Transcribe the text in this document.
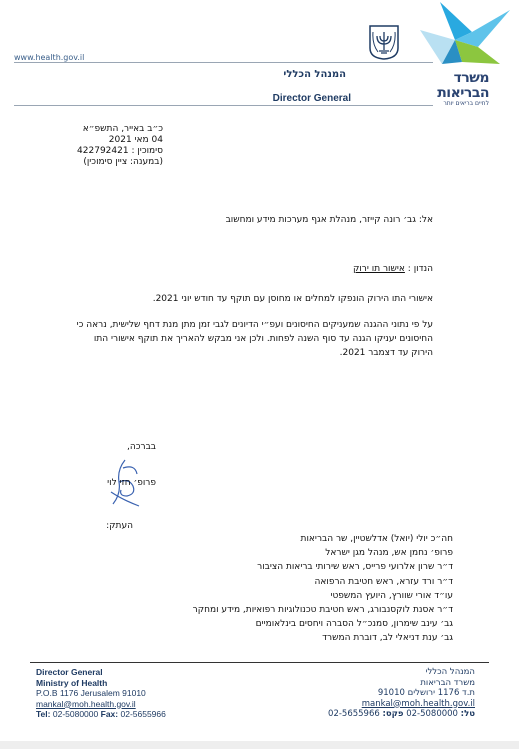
www.health.gov.il
המנהל הכללי
Director General
משרד
הבריאות
לחיים בריאים יותר
כ״ב באייר, התשפ״א
04 מאי 2021
סימוכין : 422792421
(במענה: ציין סימוכין)
אל: גב׳ רונה קייזר, מנהלת אגף מערכות מידע ומחשוב
הנדון : אישור תו ירוק
אישורי התו הירוק הונפקו למחלים או מחוסן עם תוקף עד חודש יוני 2021.
על פי נתוני ההגנה שמעניקים החיסונים ועפ״י הדיונים לגבי זמן מתן מנת דחף שלישית, נראה כי החיסונים יעניקו הגנה עד סוף השנה לפחות. ולכן אני מבקש להאריך את תוקף אישורי התו הירוק עד דצמבר 2021.
בברכה,
פרופ׳ חזי לוי
העתק:
חה״כ יולי (יואל) אדלשטיין, שר הבריאות
פרופ׳ נחמן אש, מנהל מגן ישראל
ד״ר שרון אלרועי פרייס, ראש שירותי בריאות הציבור
ד״ר ורד עזרא, ראש חטיבת הרפואה
עו״ד אורי שוורץ, היועץ המשפטי
ד״ר אסנת לוקסנבורג, ראש חטיבת טכנולוגיות רפואיות, מידע ומחקר
גב׳ עינב שימרון, סמנכ״ל הסברה ויחסים בינלאומיים
גב׳ ענת דניאלי לב, דוברת המשרד
Director General
Ministry of Health
P.O.B 1176 Jerusalem 91010
mankal@moh.health.gov.il
Tel: 02-5080000 Fax: 02-5655966
המנהל הכללי
משרד הבריאות
ת.ד 1176 ירושלים 91010
mankal@moh.health.gov.il
טל: 02-5080000 פקס: 02-5655966
